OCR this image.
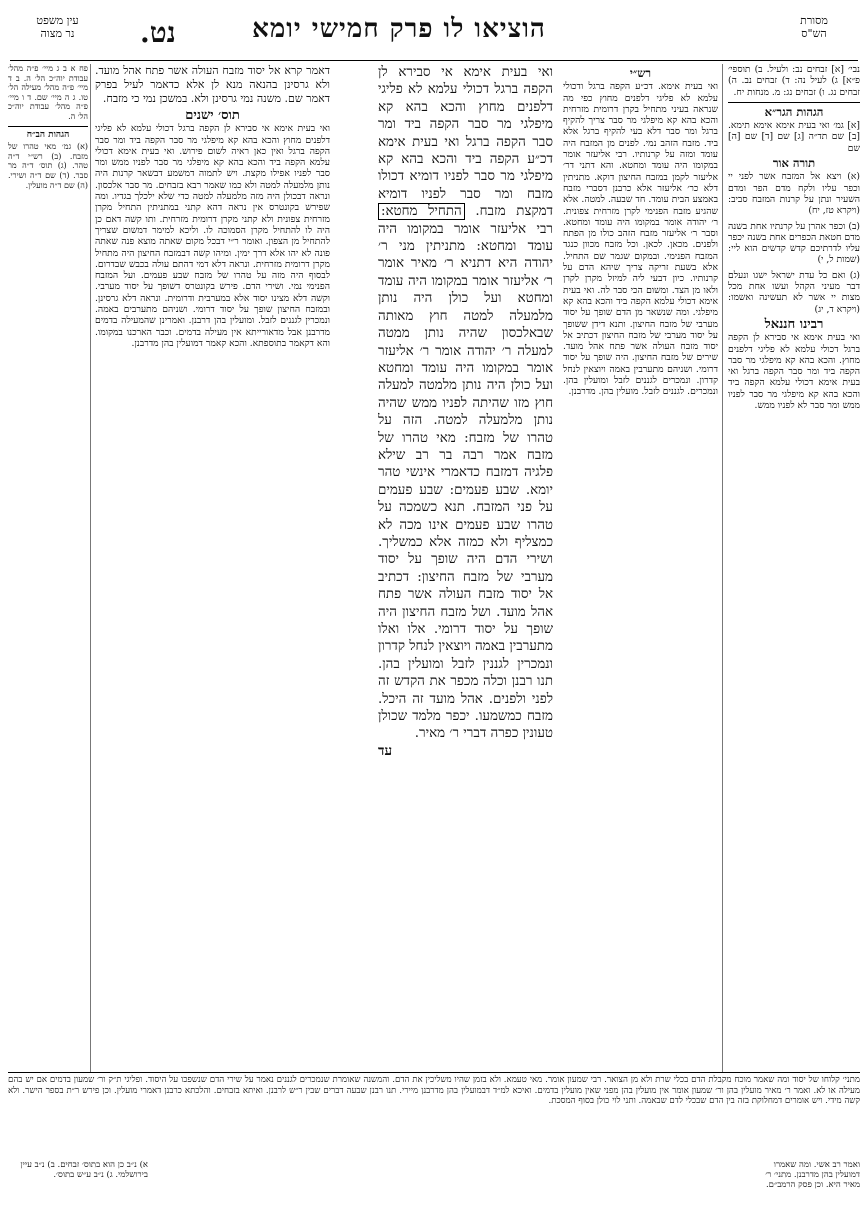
מסורת
הש"ס
הוציאו לו פרק חמישי יומא
נט.
עין משפט
נר מצוה

נבי׳ [א] זבחים נב: ולעיל. ב) תוספי׳ פ״א] ג) לעיל נה: ד) זבחים נב. ה) זבחים נג. ו) זבחים נג: מ. מנחות יח.

הגהות הגר״א

[א] גמ׳ ואי בעית אימא אימא תימא. [ב] שם תד״ה [ג] שם [ד] שם [ה] שם

תורה אור

(א) ויצא אל המזבח אשר לפני יי וכפר עליו ולקח מדם הפר ומדם השעיר ונתן על קרנות המזבח סביב: (ויקרא טז, יח)

(ב) וכפר אהרן על קרנתיו אחת בשנה מדם חטאת הכפרים אחת בשנה יכפר עליו לדרתיכם קדש קדשים הוא ליי: (שמות ל, י)

(ג) ואם כל עדת ישראל ישגו ונעלם דבר מעיני הקהל ועשו אחת מכל מצות יי אשר לא תעשינה ואשמו: (ויקרא ד, יג)

רבינו חננאל

ואי בעית אימא אי סבירא לן הקפה ברגל דכולי עלמא לא פליגי דלפנים מחוץ. והכא בהא קא מיפלגי מר סבר הקפה ביד ומר סבר הקפה ברגל ואי בעית אימא דכולי עלמא הקפה ביד והכא בהא קא מיפלגי מר סבר לפניו ממש ומר סבר לא לפניו ממש.

רש״י

ואי בעית אימא. דכ״ע הקפה ברגל ודכולי עלמא לא פליגי דלפנים מחוץ כפי מה שנראה בעיני מתחיל בקרן דרומית מזרחית והכא בהא קא מיפלגי מר סבר צריך להקיף ברגל ומר סבר דלא בעי להקיף ברגל אלא ביד. מזבח הזהב נמי. לפנים מן המזבח היה עומד ומזה על קרנותיו. רבי אליעזר אומר במקומו היה עומד ומחטא. והא דתני דר׳ אליעזר לקמן במזבח החיצון דוקא. מתניתין דלא כר׳ אליעזר אלא כרבנן דסברי מזבח באמצע הבית עומד. חד שבעה. למטה. אלא שהגיע מזבח הפנימי לקרן מזרחית צפונית. ר׳ יהודה אומר במקומו היה עומד ומחטא. וסבר ר׳ אליעזר מזבח הזהב כולו מן הפתח ולפנים. מכאן. לכאן. וכל מזבח מכוון כנגד המזבח הפנימי. ובמקום שגמר שם התחיל. אלא בשעת זריקה צריך שיהא הדם על קרנותיו. כיון דבעי ליה למיזל מקרן לקרן ולאו מן הצד. ומשום הכי סבר לה. ואי בעית אימא דכולי עלמא הקפה ביד והכא בהא קא מיפלגי. ומה שנשאר מן הדם שופך על יסוד מערבי של מזבח החיצון. ותנא דידן ששופך על יסוד מערבי של מזבח החיצון דכתיב אל יסוד מזבח העולה אשר פתח אהל מועד. שירים של מזבח החיצון. היה שופך על יסוד דרומי. ושניהם מתערבין באמה ויוצאין לנחל קדרון. ונמכרים לגננים לזבל ומועלין בהן. ונמכרים. לגננים לזבל. מועלין בהן. מדרבנן.

ואי בעית אימא אי סבירא לן הקפה ברגל דכולי עלמא לא פליגי דלפנים מחוץ והכא בהא קא מיפלגי מר סבר הקפה ביד ומר סבר הקפה ברגל ואי בעית אימא דכ״ע הקפה ביד והכא בהא קא מיפלגי מר סבר לפניו דומיא דכולו מזבח ומר סבר לפניו דומיא דמקצת מזבח. התחיל מחטא: רבי אליעזר אומר במקומו היה עומד ומחטא: מתניתין מני ר׳ יהודה היא דתניא ר׳ מאיר אומר ר׳ אליעזר אומר במקומו היה עומד ומחטא ועל כולן היה נותן מלמעלה למטה חוץ מאותה שבאלכסון שהיה נותן ממטה למעלה ר׳ יהודה אומר ר׳ אליעזר אומר במקומו היה עומד ומחטא ועל כולן היה נותן מלמטה למעלה חוץ מזו שהיתה לפניו ממש שהיה נותן מלמעלה למטה. הזה על טהרו של מזבח: מאי טהרו של מזבח אמר רבה בר רב שילא פלגיה דמזבח כדאמרי אינשי טהר יומא. שבע פעמים: שבע פעמים על פני המזבח. תנא כשמכה על טהרו שבע פעמים אינו מכה לא כמצליף ולא כמזה אלא כמשליך. ושירי הדם היה שופך על יסוד מערבי של מזבח החיצון: דכתיב אל יסוד מזבח העולה אשר פתח אהל מועד. ושל מזבח החיצון היה שופך על יסוד דרומי. אלו ואלו מתערבין באמה ויוצאין לנחל קדרון ונמכרין לגננין לזבל ומועלין בהן. תנו רבנן וכלה מכפר את הקדש זה לפני ולפנים. אהל מועד זה היכל. מזבח כמשמעו. יכפר מלמד שכולן טעונין כפרה דברי ר׳ מאיר.
עד
דאמר קרא אל יסוד מזבח העולה אשר פתח אהל מועד. ולא גרסינן בהנאה מנא לן אלא כדאמר לעיל בפרק דאמר שם. משנה נמי גרסינן ולא. במשכן נמי כי מזבח.
תוס׳ ישנים

ואי בעית אימא אי סבירא לן הקפה ברגל דכולי עלמא לא פליגי דלפנים מחוץ והכא בהא קא מיפלגי מר סבר הקפה ביד ומר סבר הקפה ברגל ואין כאן ראיה לשום פירוש. ואי בעית אימא דכולי עלמא הקפה ביד והכא בהא קא מיפלגי מר סבר לפניו ממש ומר סבר לפניו אפילו מקצת. ויש לתמוה דמשמע דבשאר קרנות היה נותן מלמעלה למטה ולא כמו שאמר רבא בזבחים. מר סבר אלכסון. ונראה דבכולן היה מזה מלמעלה למטה כדי שלא ילכלך בגדיו. ומה שפירש בקונטרס אין נראה דהא קתני במתניתין התחיל מקרן מזרחית צפונית ולא קתני מקרן דרומית מזרחית. ותו קשה דאם כן היה לו להתחיל מקרן הסמוכה לו. וליכא למימר דמשום שצריך להתחיל מן הצפון. ואומר ר״י דבכל מקום שאתה מוצא פנה שאתה פונה לא יהו אלא דרך ימין. ומיהו קשה דבמזבח החיצון היה מתחיל מקרן דרומית מזרחית. ונראה דלא דמי דהתם עולה בכבש שבדרום. לבסוף היה מזה על טהרו של מזבח שבע פעמים. ועל המזבח הפנימי נמי. ושירי הדם. פירש בקונטרס דשופך על יסוד מערבי. וקשה דלא מצינו יסוד אלא במערבית ודרומית. ונראה דלא גרסינן. ובמזבח החיצון שופך על יסוד דרומי. ושניהם מתערבים באמה. ונמכרין לגננים לזבל. ומועלין בהן דרבנן. ואמרינן שהמעילה בדמים מדרבנן אבל מדאורייתא אין מעילה בדמים. וכבר הארכנו במקומו. והא דקאמר בתוספתא. והכא קאמר דמועלין בהן מדרבנן.

פח א ב ג מיי׳ פ״ה מהל׳ עבודת יוה״כ הל׳ ה. ב ד מיי׳ פ״ה מהל׳ מעילה הל׳ טו. ג ה מיי׳ שם. ד ו מיי׳ פ״ה מהל׳ עבודת יוה״כ הל׳ ה.

הגהות הב״ח

(א) גמ׳ מאי טהרו של מזבח. (ב) רש״י ד״ה טהר. (ג) תוס׳ ד״ה מר סבר. (ד) שם ד״ה ושירי. (ה) שם ד״ה מועלין.

מתני׳ קלוחו של יסוד ומה שאמר מוכח מקבלת הדם בכלי שרת ולא מן הצואר. רבי שמעון אומר. מאי טעמא. ולא בזמן שהיו משליכין את הדם. והמשנה שאומרת שנמכרים לגננים נאמר על שירי הדם שנשפכו על היסוד. ופליגי ת״ק ור׳ שמעון בדמים אם יש בהם מעילה או לא. ואמר ר׳ מאיר מועלין בהן ור׳ שמעון אומר אין מועלין בהן מפני שאין מועלין בדמים. ואיכא למ״ד דבמועלין בהן מדרבנן מיירי. תנו רבנן שבעה דברים שבין ר״ש לרבנן. ואיתא בזבחים. והלכתא כרבנן דאמרי מועלין. וכן פירש ר״ת בספר הישר. ולא קשה מידי. ויש אומרים דמחלוקת בזה בין הדם שבכלי לדם שבאמה. ותני לוי כולן בסוף המסכת.
א) נ״ב כן הוא בתוס׳ זבחים. ב) נ״ב עיין בירושלמי. ג) נ״ב ע״ש בתוס׳.
ואמר רב אשי. ומה שאמרו דמועלין בהן מדרבנן. מתני׳ ר׳ מאיר היא. וכן פסק הרמב״ם.
